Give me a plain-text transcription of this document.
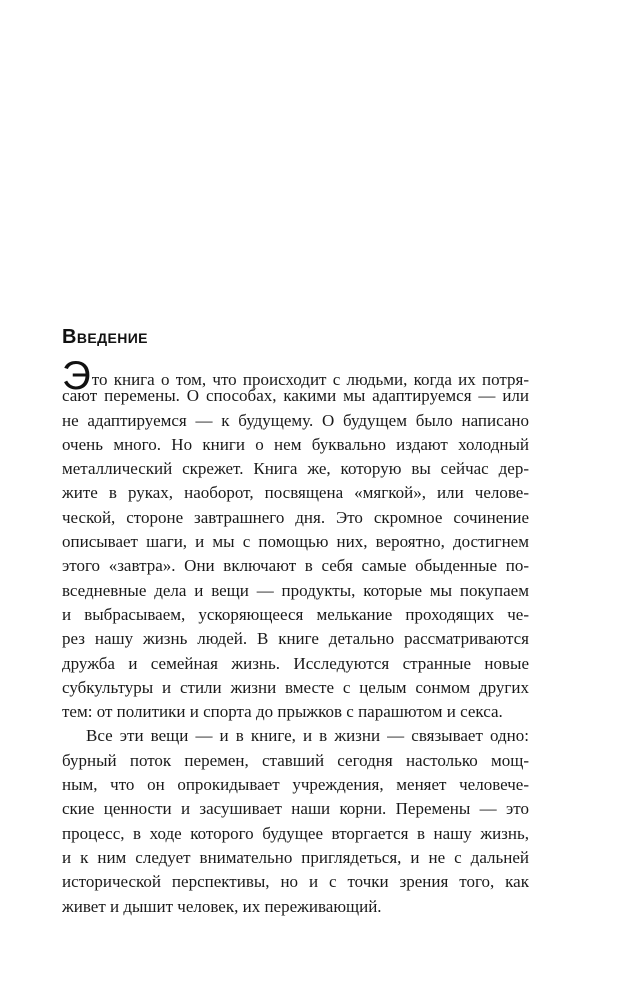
Введение
Это книга о том, что происходит с людьми, когда их потря-
сают перемены. О способах, какими мы адаптируемся — или
не адаптируемся — к будущему. О будущем было написано
очень много. Но книги о нем буквально издают холодный
металлический скрежет. Книга же, которую вы сейчас дер-
жите в руках, наоборот, посвящена «мягкой», или челове-
ческой, стороне завтрашнего дня. Это скромное сочинение
описывает шаги, и мы с помощью них, вероятно, достигнем
этого «завтра». Они включают в себя самые обыденные по-
вседневные дела и вещи — продукты, которые мы покупаем
и выбрасываем, ускоряющееся мельканиe проходящих че-
рез нашу жизнь людей. В книге детально рассматриваются
дружба и семейная жизнь. Исследуются странные новые
субкультуры и стили жизни вместе с целым сонмом других
тем: от политики и спорта до прыжков с парашютом и секса.
Все эти вещи — и в книге, и в жизни — связывает одно:
бурный поток перемен, ставший сегодня настолько мощ-
ным, что он опрокидывает учреждения, меняет человече-
ские ценности и засушивает наши корни. Перемены — это
процесс, в ходе которого будущее вторгается в нашу жизнь,
и к ним следует внимательно приглядеться, и не с дальней
исторической перспективы, но и с точки зрения того, как
живет и дышит человек, их переживающий.
